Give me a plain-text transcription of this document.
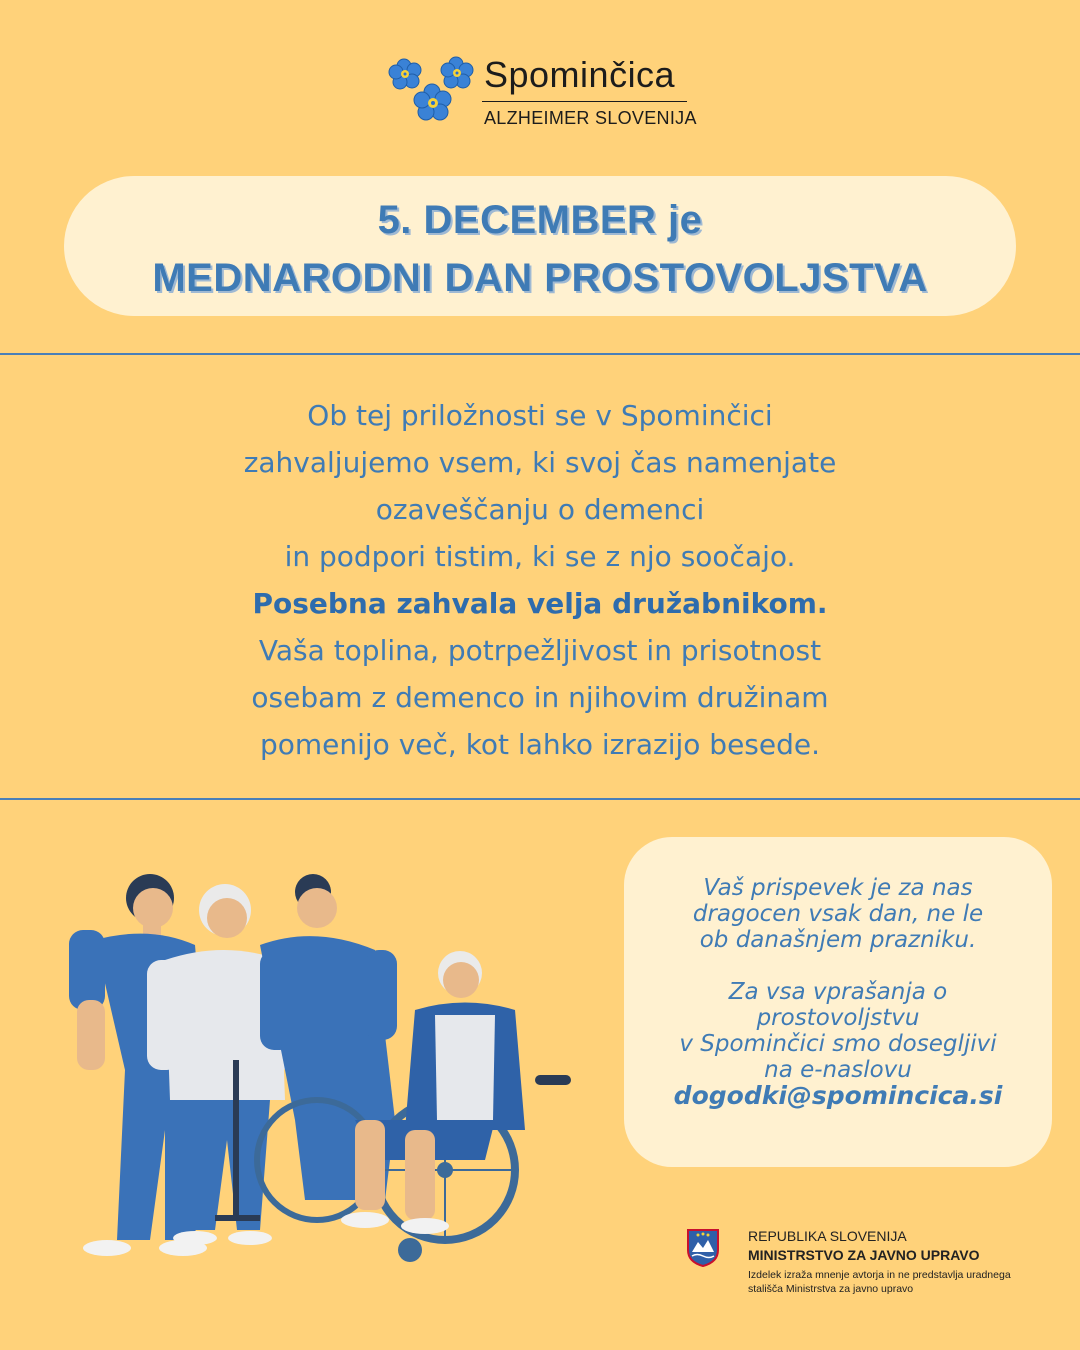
Spominčica
ALZHEIMER SLOVENIJA
5. DECEMBER je
MEDNARODNI DAN PROSTOVOLJSTVA
Ob tej priložnosti se v Spominčici
zahvaljujemo vsem, ki svoj čas namenjate
ozaveščanju o demenci
in podpori tistim, ki se z njo soočajo.
Posebna zahvala velja družabnikom.
Vaša toplina, potrpežljivost in prisotnost
osebam z demenco in njihovim družinam
pomenijo več, kot lahko izrazijo besede.
Vaš prispevek je za nas
dragocen vsak dan, ne le
ob današnjem prazniku.
Za vsa vprašanja o
prostovoljstvu
v Spominčici smo dosegljivi
na e-naslovu
dogodki@spomincica.si
REPUBLIKA SLOVENIJA
MINISTRSTVO ZA JAVNO UPRAVO
Izdelek izraža mnenje avtorja in ne predstavlja uradnega stališča Ministrstva za javno upravo
